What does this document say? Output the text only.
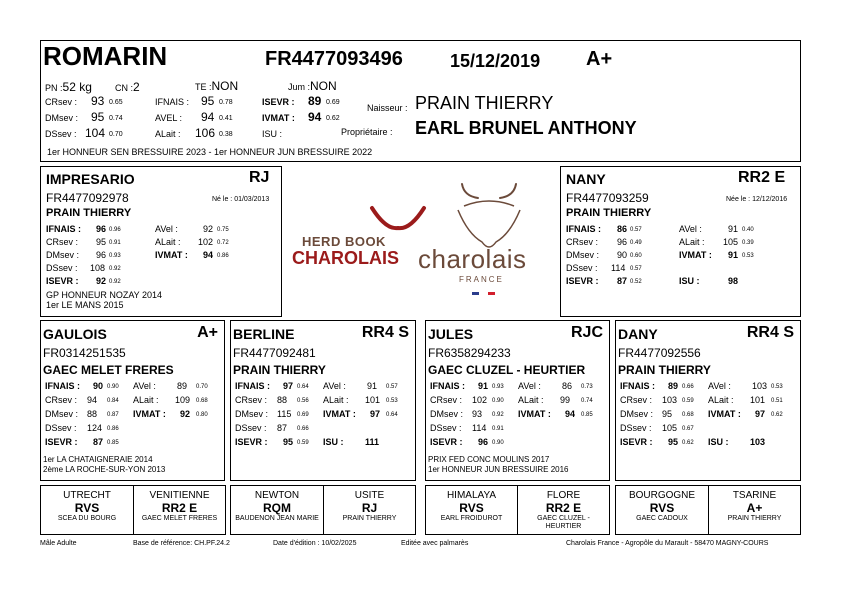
ROMARIN	FR4477093496	15/12/2019 A+
PN :52 kg	CN :2	TE :NON	Jum :NON
CRsev : 93 0.65
DMsev : 95 0.74
DSsev : 104 0.70
IFNAIS : 95 0.78
AVEL : 94 0.41
ALait : 106 0.38
ISEVR : 89 0.69
IVMAT : 94 0.62
ISU :
Naisseur : PRAIN THIERRY
Propriétaire : EARL BRUNEL ANTHONY
1er HONNEUR SEN BRESSUIRE 2023 - 1er HONNEUR JUN BRESSUIRE 2022
IMPRESARIO	RJ
FR4477092978	Né le : 01/03/2013
PRAIN THIERRY
IFNAIS : 96 0.96
CRsev : 95 0.91
DMsev : 96 0.93
DSsev : 108 0.92
ISEVR : 92 0.92
AVel :	92 0.75
ALait : 102 0.72
IVMAT : 94 0.86
GP HONNEUR NOZAY 2014
1er LE MANS 2015
HERD BOOK
CHAROLAIS charolais
FRANCE
NANY	RR2 E
FR4477093259	Née le : 12/12/2016
PRAIN THIERRY
IFNAIS : 86 0.57
CRsev : 96 0.49
DMsev : 90 0.60
DSsev : 114 0.57
ISEVR : 87 0.52
AVel :	91 0.40
ALait : 105 0.39
IVMAT : 91 0.53
ISU :	98
GAULOIS	A+
FR0314251535
GAEC MELET FRERES
IFNAIS : 90 0.90
CRsev : 94 0.84
DMsev : 88 0.87
DSsev : 124 0.86
ISEVR : 87 0.85
AVel : 89 0.70
ALait : 109 0.68
IVMAT : 92 0.80
1er LA CHATAIGNERAIE 2014
2ème LA ROCHE-SUR-YON 2013
BERLINE	RR4 S
FR4477092481
PRAIN THIERRY
IFNAIS : 97 0.64
CRsev : 88 0.56
DMsev : 115 0.69
DSsev : 87 0.66
ISEVR : 95 0.59
AVel : 91 0.57
ALait : 101 0.53
IVMAT : 97 0.64
ISU : 111
JULES	RJC
FR6358294233
GAEC CLUZEL - HEURTIER
IFNAIS : 91 0.93
CRsev : 102 0.90
DMsev : 93 0.92
DSsev : 114 0.91
ISEVR : 96 0.90
AVel : 86 0.73
ALait : 99 0.74
IVMAT : 94 0.85
PRIX FED CONC MOULINS 2017
1er HONNEUR JUN BRESSUIRE 2016
DANY	RR4 S
FR4477092556
PRAIN THIERRY
IFNAIS : 89 0.66
CRsev : 103 0.59
DMsev : 95 0.68
DSsev : 105 0.67
ISEVR : 95 0.62
AVel : 103 0.53
ALait : 101 0.51
IVMAT : 97 0.62
ISU : 103
UTRECHT
RVS
SCEA DU BOURG
VENITIENNE
RR2 E
GAEC MELET FRERES
NEWTON
RQM
BAUDENON JEAN MARIE
USITE
RJ
PRAIN THIERRY
HIMALAYA
RVS
EARL FROIDUROT
FLORE
RR2 E
GAEC CLUZEL - HEURTIER
BOURGOGNE
RVS
GAEC CADOUX
TSARINE
A+
PRAIN THIERRY
Mâle Adulte	Base de référence: CH.PF.24.2	Date d'édition : 10/02/2025	Editée avec palmarès	Charolais France - Agropôle du Marault - 58470 MAGNY-COURS
